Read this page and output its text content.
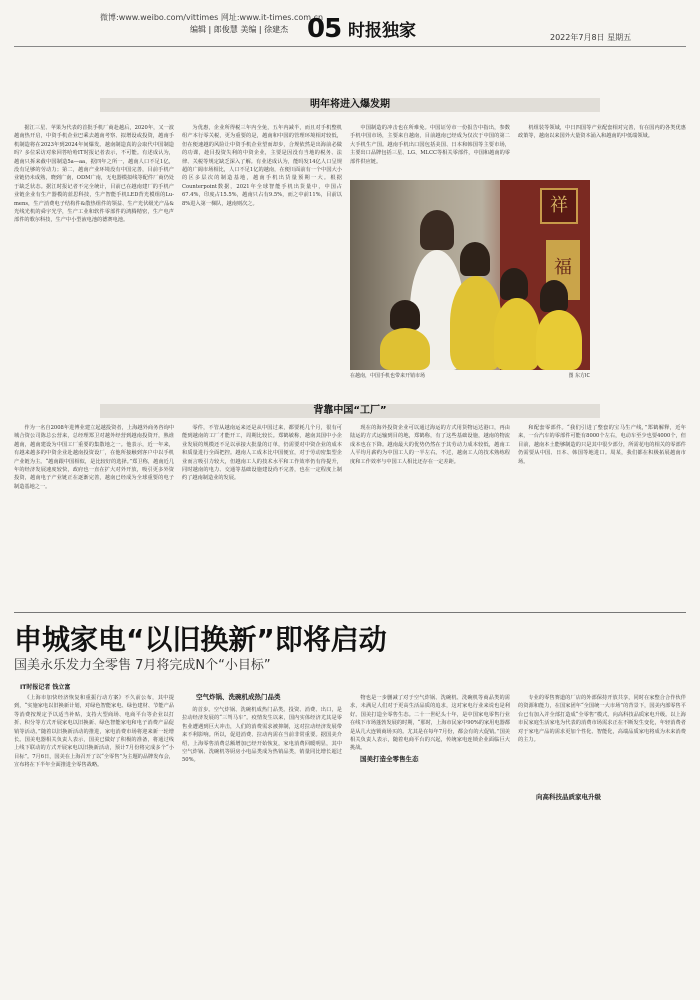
微博:www.weibo.com/vittimes 网址:www.it-times.com.cn
编辑 | 郎俊慧 美编 | 徐建杰 05 时报独家	2022年7月8日 星期五
明年将进入爆发期

据江三星、苹果为代表的首批手机厂商赴越后，2020年，又一波越南热开启，中资手机企业巴乘去越南考察、拟增设或投资，越南手机制造将在2023年到2024年间爆发。越南制造真的会取代中国制造吗？多位采访对象回答哈哈IT时报记者表示，不可能。有述成认为，越南只拆来截中国制造5a—aa，据四年之所一，越南人口不足1亿，没有足够的劳动力；第二，越南产业环境没有中国完善，目前手机产业链仍未成熟，晓到广南，ODM广南，无电器模拟线等配件厂商仍处于缺乏状态。据江时报记者不完全统计，目前已在越南建厂的手机产业链企业有生产器模的蓝思科技，生产智能手机LED背光模组的Lu-mens，生产消费电子结构件&散热组件的领益、生产光伏级光产品&光线光机的舜宇光学，生产工业和软件零部件的鸿腾精密，生产电声部件的歌尔科技，生产中小型液电池的德赛电池。

为优惠，企业所得税三年内全免，五年内减半，而且对手机整机组产本行零关税，更为重要的是，越南和中国的管理环境相对较低，但在便速越的风险让中资手机企业望而却步，合规依然是出海前必做的功课，趁目投资失利的中资企业，主要是因没有当地的税务、法律、关税等规定缺乏深入了解。有业述成认为，能吗发14亿人口呈规超的广阔市场相比，人口不足1亿的越南，在便川面前有一个中国大小的区多层次的制造基地，越南手机出货量预期一大。根据Counterpoint数据，2021年全球智能手机出货量中，中国占67.4%，印度占15.5%，越南只占有9.5%，而之中前11%，目前以8%进入第一梯队，越南则次之。

中国制造的冲击也在所难免。中国证劳市一份报告中指出，参数手机中国市场，主要来自越南，目前越南已经成为仅次于中国的第二大手机生产国。越南手机出口国包括美国、日本和韩国等主要市场，主要出口品牌包括三星、LG、MLCC等相关零部件，中国和越南的零部件供应链。

机组装等领域，中日四国等产业配套相对完善，有在国内的各类优惠政策等，越南以来国外大量资本涌入和越南的中低端领域。

祥
福
在越南，中国手机也带来开销市场	图 东方IC
背靠中国“工厂”

作为一名自2008年进博业建立起越投资者，上海越外商务咨询中城合资公司陈总公营来，总经理郑卫对越外经营到越南投资开，熟谁越南，越南建设为中国工厂重要的集散地之一。他表示，近一年来，有越来越多的中资企业赴越南投资设厂，在他所接触到客户中以手机产业链为主。“越南跟中国相似，是比较好的选择。”郑卫称，越南近几年的经济发展速度较快，政府也一直在扩大对外开放，吸引更多外资投资，越南电子产业链正在逐渐完善，越南已经成为全球重要的电子制造基地之一。

零件，不管从越南运来还是从中国过来，都要耗几个月，很有可能到越南的工厂才能开工，周期比较长。郑鹤敏称，越南其国中小企业发展的规模还不足以承接大批量的订单，仍需要对中资企业的成本和质量进行全面把控。越南人工成本比中国便宜，对于劳动密集型企业而言吸引力较大，但越南工人的技术水平和工作效率仍有待提升，同时越南的电力、交通等基础设施建设尚不完善，也在一定程度上制约了越南制造业的发展。

现在的海外投资企业可以通过海运的方式用货物运达港口，再由陆运的方式运输到目的地，郑鹤称，有了这些基础设施，越南的物流成本也在下降。越南最大的优势仍然在于其劳动力成本较低，越南工人平均月薪约为中国工人的一半左右。不过，越南工人的技术熟练程度和工作效率与中国工人相比还存在一定差距。

和配套零部件。“我们引进了整套的宝马生产线，”郑鹤解释，近年来，一台汽车的零部件可能有8000个左右，电动车至少也要4000个，但目前，越南本土能够制造的只是其中很少部分，所需花电的相关的零部件仍需要从中国、日本、韩国等地进口。周某，我们都在积极拓展越南市场。

申城家电“以旧换新”即将启动
国美永乐发力全零售 7月将完成N个“小目标”
IT时报记者 钱立富

《上海市加快经济恢复和重振行动方案》不久前公布，其中提到，“实施家电以旧换新计划，对绿色智能家电、绿色建材、节能产品等消费按规定予以适当补贴，支持大型商场、电商平台等企业以打折、积分等方式开展家电以旧换新、绿色智能家电和电子消费产品促销等活动。”随着以旧换新活动的推进，家电消费市场将迎来新一轮增长。国美电器相关负责人表示，国美已做好了积极的准备，将通过线上线下联动的方式开展家电以旧换新活动，预计7月份将完成多个“小目标”。7月6日，国美在上海召开了以“全零售”为主题的品牌发布会，宣布将在下半年全面推进全零售战略。

空气炸锅、洗碗机成热门品类

的首步。空气炸锅、洗碗机成热门品类。投资、消费、出口，是拉动经济发展的“三驾马车”。疫情发生以来，国内实体经济尤其是零售业遭遇到巨大冲击，人们的消费需求被抑制，这对拉动经济发展带来不利影响。所以，促进消费、拉动内需在当前非常重要。据国美介绍，上海零售消费总额增加已经开始恢复，家电消费回暖明显，其中空气炸锅、洗碗机等厨房小电品类成为热销品类，销量同比增长超过50%。

物也是一步删减了对于空气炸锅、洗碗机、洗碗机等商品类的需求，未满足人们对于更高生活品质的追求，这对家电行业来说也是利好。国美打造全零售生态。二十一世纪头十年，是中国家电零售行业在线下市场蓬勃发展的时期，“那时，上海市民家中90%的家用电器都是从几大连锁商场买的。尤其是在每年7月份，都会有的大促销。”国美相关负责人表示，随着电商平台的兴起，传统家电连锁企业面临巨大挑战。

国美打造全零售生态

专业的零售赛道的厂店的外部保持开放共享，同时在家整合合作伙伴的资源和能力，在国家团年“全国统一大市场”的背景下，国美内部零售平台已有加入并全部打造成“全零售”模式。向高科技品质家电升级。以上海市民家庭生活家电为代表的消费市场需求正在不断发生变化，年轻消费者对于家电产品的需求更加个性化、智能化，高端品质家电将成为未来消费的主力。

向高科技品质家电升级
